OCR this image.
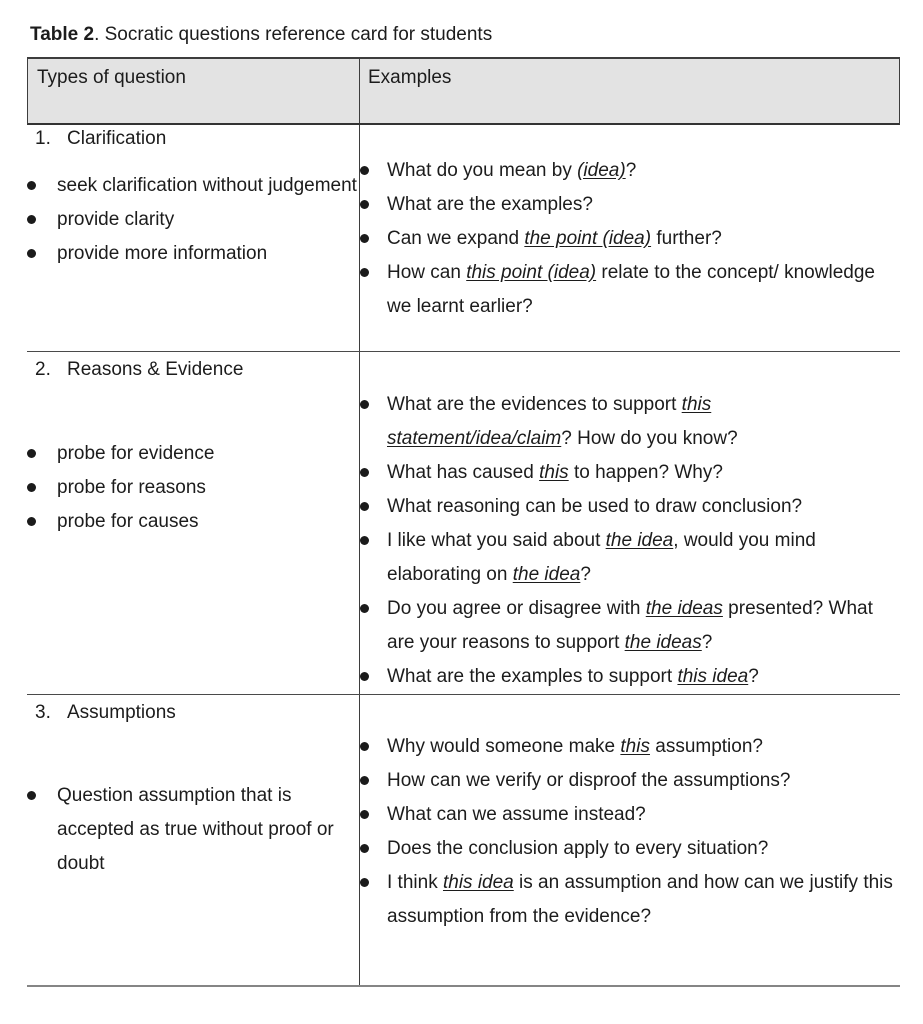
Table 2. Socratic questions reference card for students
Types of question	Examples
1. Clarification
seek clarification without judgement
provide clarity
provide more information
What do you mean by (idea)?
What are the examples?
Can we expand the point (idea) further?
How can this point (idea) relate to the concept/ knowledge we learnt earlier?
2. Reasons & Evidence
probe for evidence
probe for reasons
probe for causes
What are the evidences to support this statement/idea/claim? How do you know?
What has caused this to happen? Why?
What reasoning can be used to draw conclusion?
I like what you said about the idea, would you mind elaborating on the idea?
Do you agree or disagree with the ideas presented? What are your reasons to support the ideas?
What are the examples to support this idea?
3. Assumptions
Question assumption that is accepted as true without proof or doubt
Why would someone make this assumption?
How can we verify or disproof the assumptions?
What can we assume instead?
Does the conclusion apply to every situation?
I think this idea is an assumption and how can we justify this assumption from the evidence?
